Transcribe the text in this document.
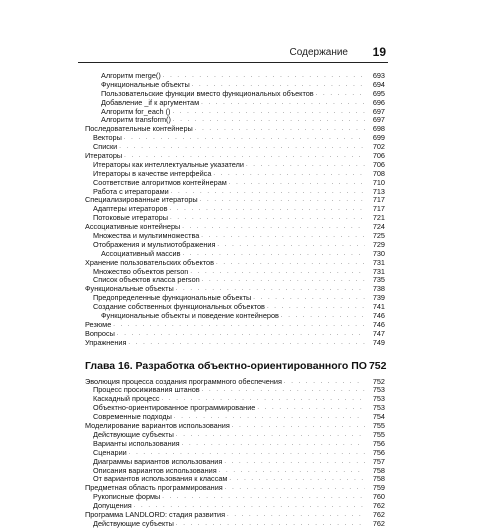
Содержание 19
Алгоритм merge() . . .	693
Функциональные объекты . . .	694
Пользовательские функции вместо функциональных объектов . . .	695
Добавление _if к аргументам . . .	696
Алгоритм for_each () . . .	697
Алгоритм transform() . . .	697
Последовательные контейнеры . . .	698
Векторы . . .	699
Списки . . .	702
Итераторы . . .	706
Итераторы как интеллектуальные указатели . . .	706
Итераторы в качестве интерфейса . . .	708
Соответствие алгоритмов контейнерам . . .	710
Работа с итераторами . . .	713
Специализированные итераторы . . .	717
Адаптеры итераторов . . .	717
Потоковые итераторы . . .	721
Ассоциативные контейнеры . . .	724
Множества и мультимножества . . .	725
Отображения и мультиотображения . . .	729
Ассоциативный массив . . .	730
Хранение пользовательских объектов . . .	731
Множество объектов person . . .	731
Список объектов класса person . . .	735
Функциональные объекты . . .	738
Предопределенные функциональные объекты . . .	739
Создание собственных функциональных объектов . . .	741
Функциональные объекты и поведение контейнеров . . .	746
Резюме . . .	746
Вопросы . . .	747
Упражнения . . .	749
Глава 16. Разработка объектно-ориентированного ПО 752
Эволюция процесса создания программного обеспечения . . .	752
Процесс просиживания штанов . . .	753
Каскадный процесс . . .	753
Объектно-ориентированное программирование . . .	753
Современные подходы . . .	754
Моделирование вариантов использования . . .	755
Действующие субъекты . . .	755
Варианты использования . . .	756
Сценарии . . .	756
Диаграммы вариантов использования . . .	757
Описания вариантов использования . . .	758
От вариантов использования к классам . . .	758
Предметная область программирования . . .	759
Рукописные формы . . .	760
Допущения . . .	762
Программа LANDLORD: стадия развития . . .	762
Действующие субъекты . . .	762
